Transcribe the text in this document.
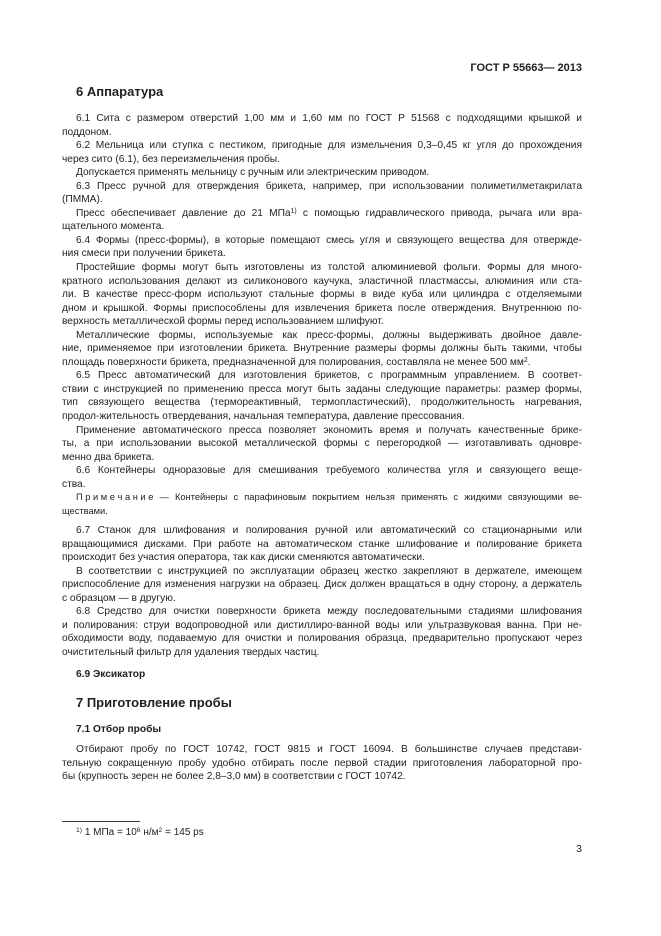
ГОСТ Р 55663— 2013
6 Аппаратура
6.1 Сита с размером отверстий 1,00 мм и 1,60 мм по ГОСТ Р 51568 с подходящими крышкой и
поддоном.
6.2 Мельница или ступка с пестиком, пригодные для измельчения 0,3–0,45 кг угля до прохождения
через сито (6.1), без переизмельчения пробы.
Допускается применять мельницу с ручным или электрическим приводом.
6.3 Пресс ручной для отверждения брикета, например, при использовании полиметилметакрилата
(ПММА).
Пресс обеспечивает давление до 21 МПа$^{1)}$ с помощью гидравлического привода, рычага или вра-
щательного момента.
6.4 Формы (пресс-формы), в которые помещают смесь угля и связующего вещества для отвержде-
ния смеси при получении брикета.
Простейшие формы могут быть изготовлены из толстой алюминиевой фольги. Формы для много-
кратного использования делают из силиконового каучука, эластичной пластмассы, алюминия или ста-
ли. В качестве пресс-форм используют стальные формы в виде куба или цилиндра с отделяемыми
дном и крышкой. Формы приспособлены для извлечения брикета после отверждения. Внутреннюю по-
верхность металлической формы перед использованием шлифуют.
Металлические формы, используемые как пресс-формы, должны выдерживать двойное давле-
ние, применяемое при изготовлении брикета. Внутренние размеры формы должны быть такими, чтобы
площадь поверхности брикета, предназначенной для полирования, составляла не менее 500 $мм^2$.
6.5 Пресс автоматический для изготовления брикетов, с программным управлением. В соответ-
ствии с инструкцией по применению пресса могут быть заданы следующие параметры: размер формы,
тип связующего вещества (термореактивный, термопластический), продолжительность нагревания,
продол-жительность отвердевания, начальная температура, давление прессования.
Применение автоматического пресса позволяет экономить время и получать качественные брике-
ты, а при использовании высокой металлической формы с перегородкой — изготавливать одновре-
менно два брикета.
6.6 Контейнеры одноразовые для смешивания требуемого количества угля и связующего веще-
ства.
П р и м е ч а н и е — Контейнеры с парафиновым покрытием нельзя применять с жидкими связующими ве-
ществами.
6.7 Станок для шлифования и полирования ручной или автоматический со стационарными или
вращающимися дисками. При работе на автоматическом станке шлифование и полирование брикета
происходит без участия оператора, так как диски сменяются автоматически.
В соответствии с инструкцией по эксплуатации образец жестко закрепляют в держателе, имеющем
приспособление для изменения нагрузки на образец. Диск должен вращаться в одну сторону, а держатель
с образцом — в другую.
6.8 Средство для очистки поверхности брикета между последовательными стадиями шлифования
и полирования: струи водопроводной или дистиллиро-ванной воды или ультразвуковая ванна. При не-
обходимости воду, подаваемую для очистки и полирования образца, предварительно пропускают через
очистительный фильтр для удаления твердых частиц.
6.9 Эксикатор
7 Приготовление пробы
7.1 Отбор пробы
Отбирают пробу по ГОСТ 10742, ГОСТ 9815 и ГОСТ 16094. В большинстве случаев представи-
тельную сокращенную пробу удобно отбирать после первой стадии приготовления лабораторной про-
бы (крупность зерен не более 2,8–3,0 мм) в соответствии с ГОСТ 10742.
$^{1)}$ 1 МПа = $10^6$ $н/м^2 = 145$ ps
3
